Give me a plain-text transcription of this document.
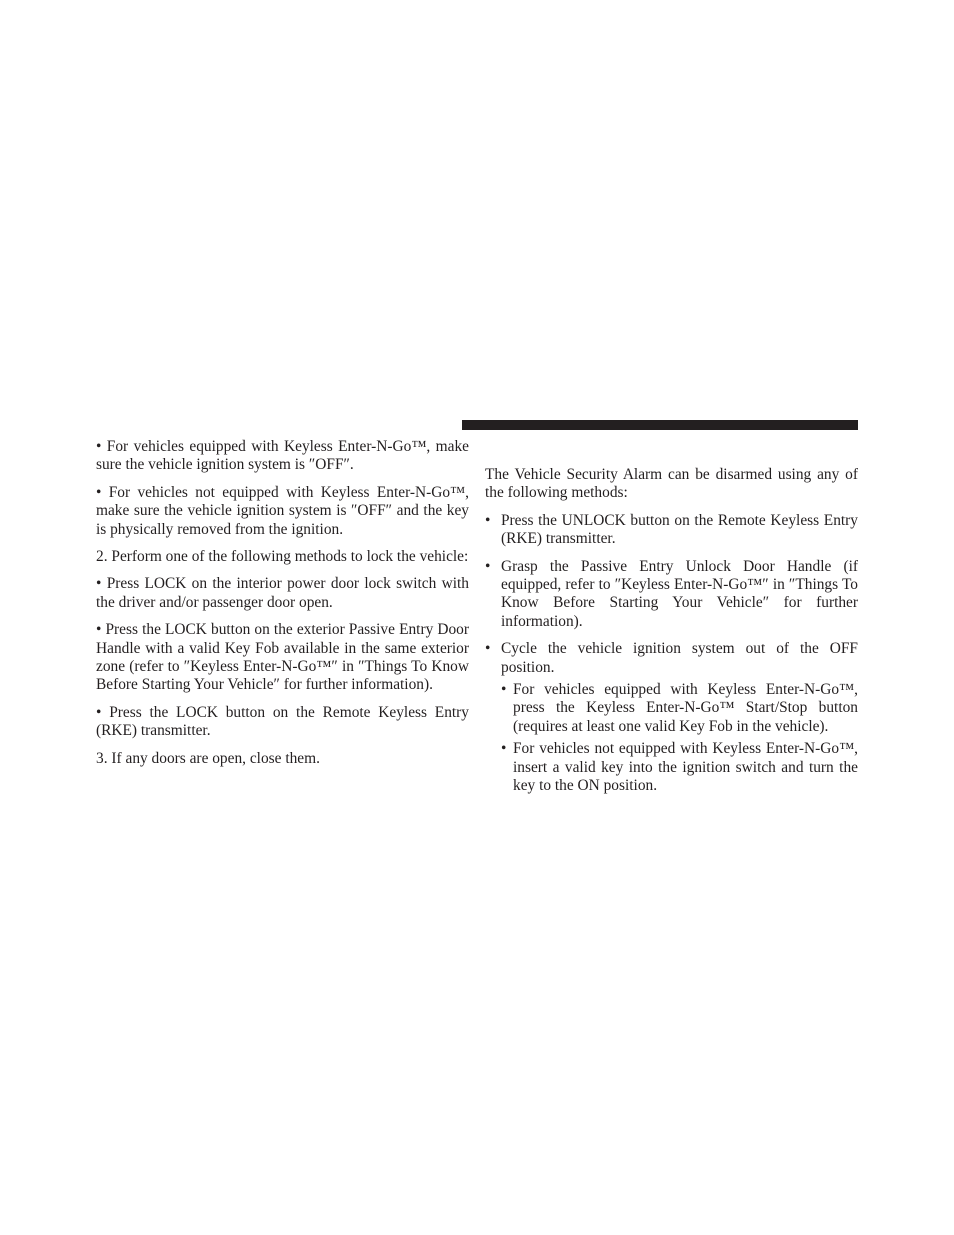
• For vehicles equipped with Keyless Enter-N-Go™, make sure the vehicle ignition system is ″OFF″.

• For vehicles not equipped with Keyless Enter-N-Go™, make sure the vehicle ignition system is ″OFF″ and the key is physically removed from the ignition.

2. Perform one of the following methods to lock the vehicle:

• Press LOCK on the interior power door lock switch with the driver and/or passenger door open.

• Press the LOCK button on the exterior Passive Entry Door Handle with a valid Key Fob available in the same exterior zone (refer to ″Keyless Enter-N-Go™″ in ″Things To Know Before Starting Your Vehicle″ for further information).

• Press the LOCK button on the Remote Keyless Entry (RKE) transmitter.

3. If any doors are open, close them.

The Vehicle Security Alarm can be disarmed using any of the following methods:

• Press the UNLOCK button on the Remote Keyless Entry (RKE) transmitter.
• Grasp the Passive Entry Unlock Door Handle (if equipped, refer to ″Keyless Enter-N-Go™″ in ″Things To Know Before Starting Your Vehicle″ for further information).
• Cycle the vehicle ignition system out of the OFF position.
• For vehicles equipped with Keyless Enter-N-Go™, press the Keyless Enter-N-Go™ Start/Stop button (requires at least one valid Key Fob in the vehicle).
• For vehicles not equipped with Keyless Enter-N-Go™, insert a valid key into the ignition switch and turn the key to the ON position.
